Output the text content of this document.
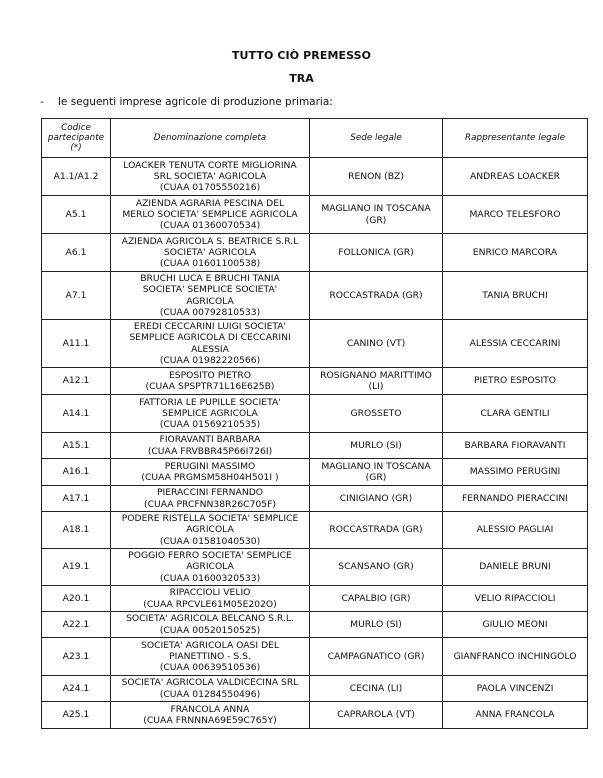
TUTTO CIÒ PREMESSO
TRA
- le seguenti imprese agricole di produzione primaria:
Codice partecipante (*)	Denominazione completa	Sede legale	Rappresentante legale
A1.1/A1.2	LOACKER TENUTA CORTE MIGLIORINA
SRL SOCIETA' AGRICOLA
(CUAA 01705550216)	RENON (BZ)	ANDREAS LOACKER
A5.1	AZIENDA AGRARIA PESCINA DEL
MERLO SOCIETA' SEMPLICE AGRICOLA
(CUAA 01360070534)	MAGLIANO IN TOSCANA (GR)	MARCO TELESFORO
A6.1	AZIENDA AGRICOLA S. BEATRICE S.R.L
SOCIETA' AGRICOLA
(CUAA 01601100538)	FOLLONICA (GR)	ENRICO MARCORA
A7.1	BRUCHI LUCA E BRUCHI TANIA
SOCIETA' SEMPLICE SOCIETA'
AGRICOLA
(CUAA 00792810533)	ROCCASTRADA (GR)	TANIA BRUCHI
A11.1	EREDI CECCARINI LUIGI SOCIETA'
SEMPLICE AGRICOLA DI CECCARINI
ALESSIA
(CUAA 01982220566)	CANINO (VT)	ALESSIA CECCARINI
A12.1	ESPOSITO PIETRO
(CUAA SPSPTR71L16E625B)	ROSIGNANO MARITTIMO (LI)	PIETRO ESPOSITO
A14.1	FATTORIA LE PUPILLE SOCIETA'
SEMPLICE AGRICOLA
(CUAA 01569210535)	GROSSETO	CLARA GENTILI
A15.1	FIORAVANTI BARBARA
(CUAA FRVBBR45P66I726I)	MURLO (SI)	BARBARA FIORAVANTI
A16.1	PERUGINI MASSIMO
(CUAA PRGMSM58H04H501I )	MAGLIANO IN TOSCANA (GR)	MASSIMO PERUGINI
A17.1	PIERACCINI FERNANDO
(CUAA PRCFNN38R26C705F)	CINIGIANO (GR)	FERNANDO PIERACCINI
A18.1	PODERE RISTELLA SOCIETA' SEMPLICE
AGRICOLA
(CUAA 01581040530)	ROCCASTRADA (GR)	ALESSIO PAGLIAI
A19.1	POGGIO FERRO SOCIETA' SEMPLICE
AGRICOLA
(CUAA 01600320533)	SCANSANO (GR)	DANIELE BRUNI
A20.1	RIPACCIOLI VELIO
(CUAA RPCVLE61M05E202O)	CAPALBIO (GR)	VELIO RIPACCIOLI
A22.1	SOCIETA' AGRICOLA BELCANO S.R.L.
(CUAA 00520150525)	MURLO (SI)	GIULIO MEONI
A23.1	SOCIETA' AGRICOLA OASI DEL
PIANETTINO - S.S.
(CUAA 00639510536)	CAMPAGNATICO (GR)	GIANFRANCO INCHINGOLO
A24.1	SOCIETA' AGRICOLA VALDICECINA SRL
(CUAA 01284550496)	CECINA (LI)	PAOLA VINCENZI
A25.1	FRANCOLA ANNA
(CUAA FRNNNA69E59C765Y)	CAPRAROLA (VT)	ANNA FRANCOLA
